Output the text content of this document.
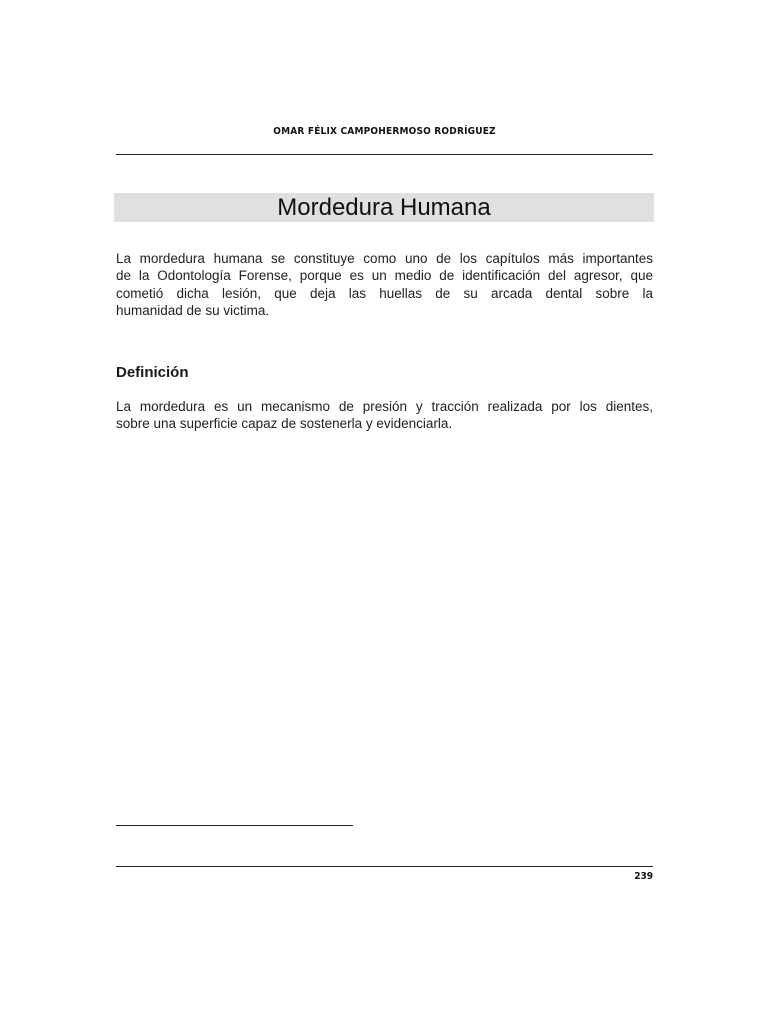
OMAR FÉLIX CAMPOHERMOSO RODRÍGUEZ
Mordedura Humana
La mordedura humana se constituye como uno de los capítulos más importantes
de la Odontología Forense, porque es un medio de identificación del agresor, que
cometió dicha lesión, que deja las huellas de su arcada dental sobre la
humanidad de su victima.
Definición
La mordedura es un mecanismo de presión y tracción realizada por los dientes,
sobre una superficie capaz de sostenerla y evidenciarla.
239
